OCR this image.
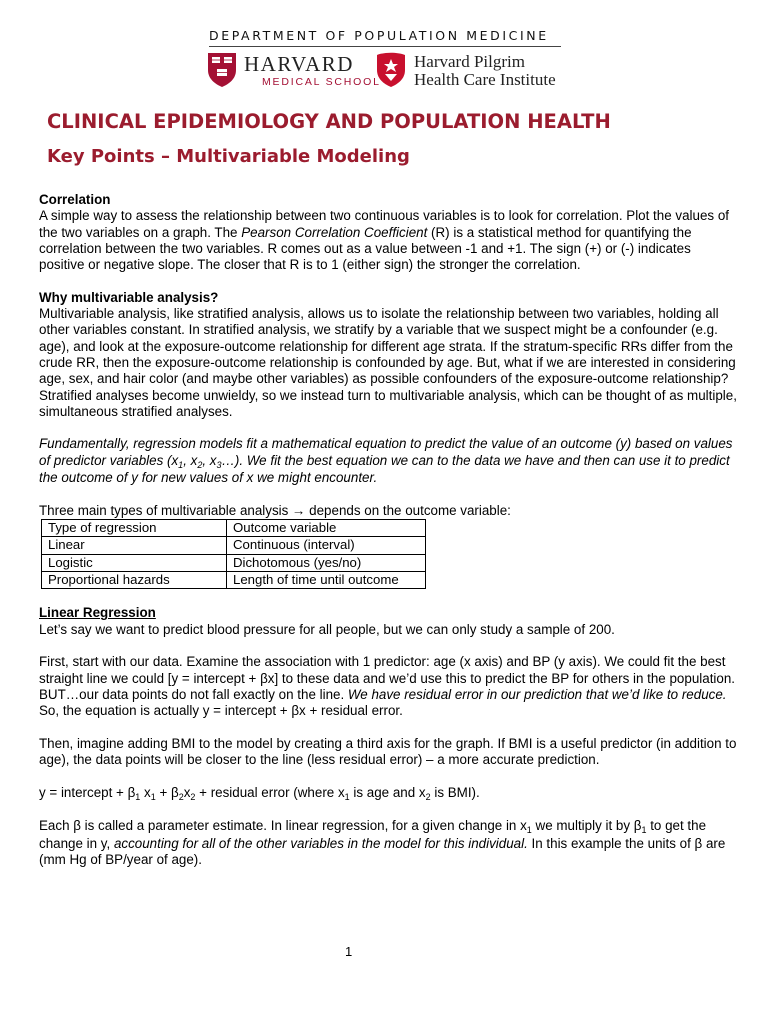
DEPARTMENT OF POPULATION MEDICINE
HARVARD
MEDICAL SCHOOL
Harvard Pilgrim
Health Care Institute
CLINICAL EPIDEMIOLOGY AND POPULATION HEALTH
Key Points – Multivariable Modeling

Correlation

A simple way to assess the relationship between two continuous variables is to look for correlation. Plot the values of the two variables on a graph. The Pearson Correlation Coefficient (R) is a statistical method for quantifying the correlation between the two variables. R comes out as a value between -1 and +1. The sign (+) or (-) indicates positive or negative slope. The closer that R is to 1 (either sign) the stronger the correlation.

Why multivariable analysis?

Multivariable analysis, like stratified analysis, allows us to isolate the relationship between two variables, holding all other variables constant. In stratified analysis, we stratify by a variable that we suspect might be a confounder (e.g. age), and look at the exposure-outcome relationship for different age strata. If the stratum-specific RRs differ from the crude RR, then the exposure-outcome relationship is confounded by age. But, what if we are interested in considering age, sex, and hair color (and maybe other variables) as possible confounders of the exposure-outcome relationship? Stratified analyses become unwieldy, so we instead turn to multivariable analysis, which can be thought of as multiple, simultaneous stratified analyses.

Fundamentally, regression models fit a mathematical equation to predict the value of an outcome (y) based on values of predictor variables ($x_1$, $x_2$, $x_3\dots$). We fit the best equation we can to the data we have and then can use it to predict the outcome of y for new values of x we might encounter.

Three main types of multivariable analysis → depends on the outcome variable:

Type of regression	Outcome variable
Linear	Continuous (interval)
Logistic	Dichotomous (yes/no)
Proportional hazards	Length of time until outcome

Linear Regression

Let’s say we want to predict blood pressure for all people, but we can only study a sample of 200.

First, start with our data. Examine the association with 1 predictor: age (x axis) and BP (y axis). We could fit the best straight line we could [y = intercept + βx] to these data and we’d use this to predict the BP for others in the population. BUT…our data points do not fall exactly on the line. We have residual error in our prediction that we’d like to reduce. So, the equation is actually y = intercept + βx + residual error.

Then, imagine adding BMI to the model by creating a third axis for the graph. If BMI is a useful predictor (in addition to age), the data points will be closer to the line (less residual error) – a more accurate prediction.

y = intercept + $\beta_1$ $x_1 + \beta_2x_2$ + residual error (where $x_1$ is age and $x_2$ is BMI).

Each β is called a parameter estimate. In linear regression, for a given change in $x_1$ we multiply it by $\beta_1$ to get the change in y, accounting for all of the other variables in the model for this individual. In this example the units of β are (mm Hg of BP/year of age).

1
